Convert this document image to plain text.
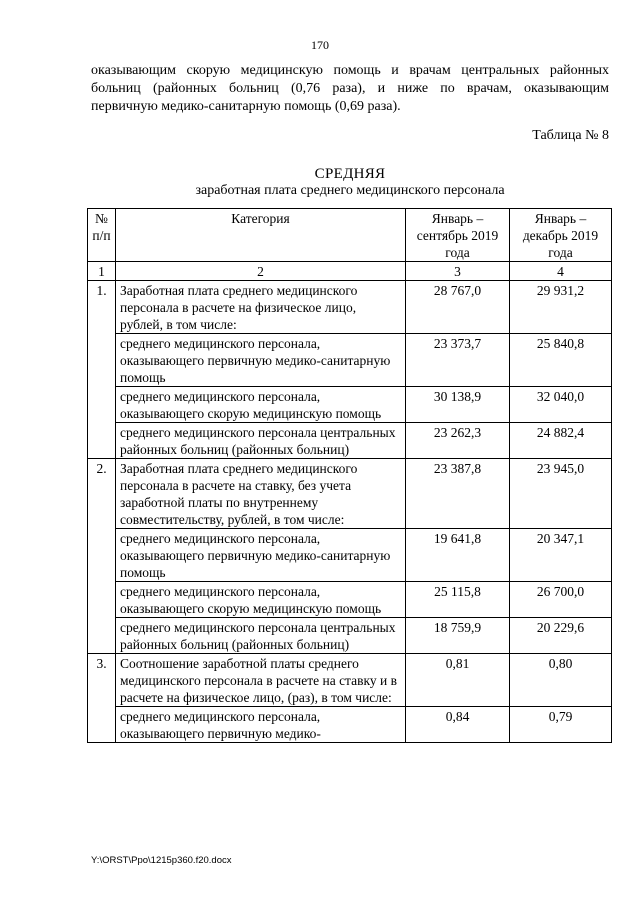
170

оказывающим скорую медицинскую помощь и врачам центральных районных
больниц (районных больниц (0,76 раза), и ниже по врачам, оказывающим
первичную медико-санитарную помощь (0,69 раза).

Таблица № 8
СРЕДНЯЯ
заработная плата среднего медицинского персонала
№ п/п	Категория	Январь – сентябрь 2019 года	Январь – декабрь 2019 года
1	2	3	4
1.	Заработная плата среднего медицинского персонала в расчете на физическое лицо, рублей, в том числе:	28 767,0	29 931,2
	среднего медицинского персонала, оказывающего первичную медико-санитарную помощь	23 373,7	25 840,8
	среднего медицинского персонала, оказывающего скорую медицинскую помощь	30 138,9	32 040,0
	среднего медицинского персонала центральных районных больниц (районных больниц)	23 262,3	24 882,4
2.	Заработная плата среднего медицинского персонала в расчете на ставку, без учета заработной платы по внутреннему совместительству, рублей, в том числе:	23 387,8	23 945,0
	среднего медицинского персонала, оказывающего первичную медико-санитарную помощь	19 641,8	20 347,1
	среднего медицинского персонала, оказывающего скорую медицинскую помощь	25 115,8	26 700,0
	среднего медицинского персонала центральных районных больниц (районных больниц)	18 759,9	20 229,6
3.	Соотношение заработной платы среднего медицинского персонала в расчете на ставку и в расчете на физическое лицо, (раз), в том числе:	0,81	0,80
	среднего медицинского персонала, оказывающего первичную медико-	0,84	0,79
Y:\ORST\Ppo\1215p360.f20.docx
